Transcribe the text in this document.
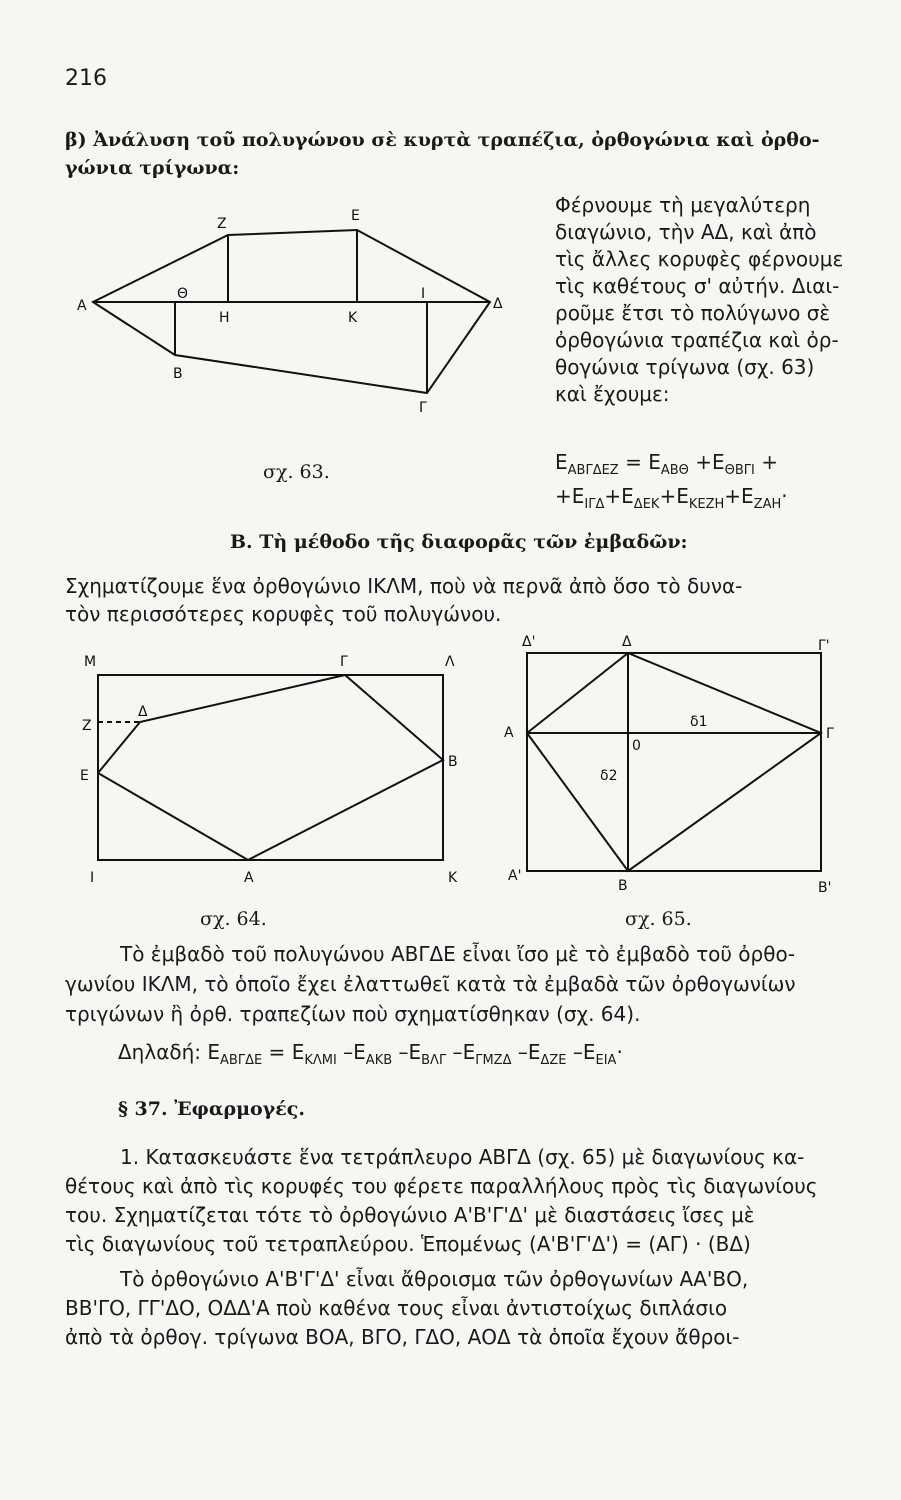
216
β) Ἀνάλυση τοῦ πολυγώνου σὲ κυρτὰ τραπέζια, ὀρθογώνια καὶ ὀρθο-
γώνια τρίγωνα:
Ζ	Ε
Α
Θ
Η	Κ
Ι
Δ
Β
Γ
σχ. 63.
Φέρνουμε τὴ μεγαλύτερη
διαγώνιο, τὴν ΑΔ, καὶ ἀπὸ
τὶς ἄλλες κορυφὲς φέρνουμε
τὶς καθέτους σ' αὐτήν. Διαι-
ροῦμε ἔτσι τὸ πολύγωνο σὲ
ὀρθογώνια τραπέζια καὶ ὀρ-
θογώνια τρίγωνα (σχ. 63)
καὶ ἔχουμε:
$E_{AB\Gamma\Delta EZ} = E_{AB\Theta} +E_{\Theta B\Gamma I}$ +
$+E_{I\Gamma\Delta}+E_{\Delta EK}+E_{KEZH}+E_{ZAH}\cdot$
Β. Τὴ μέθοδο τῆς διαφορᾶς τῶν ἐμβαδῶν:
Σχηματίζουμε ἕνα ὀρθογώνιο ΙΚΛΜ, ποὺ νὰ περνᾶ ἀπὸ ὅσο τὸ δυνα-
τὸν περισσότερες κορυφὲς τοῦ πολυγώνου.
Μ	Γ	Λ
Ζ
Δ
Ε
Β
Ι	Α	Κ
σχ. 64.
Δ'	Δ	Γ'
Α
δ1
0
Γ
δ2
Α'
Β	Β'
σχ. 65.
Τὸ ἐμβαδὸ τοῦ πολυγώνου ΑΒΓΔΕ εἶναι ἴσο μὲ τὸ ἐμβαδὸ τοῦ ὀρθο-
γωνίου ΙΚΛΜ, τὸ ὁποῖο ἔχει ἐλαττωθεῖ κατὰ τὰ ἐμβαδὰ τῶν ὀρθογωνίων
τριγώνων ἢ ὀρθ. τραπεζίων ποὺ σχηματίσθηκαν (σχ. 64).
Δηλαδή: $E_{AB\Gamma\Delta E} = E_{K\Lambda MI}$ $-E_{AKB}$ $-E_{B\Lambda\Gamma}$ $-E_{\Gamma MZ\Delta}$ $-E_{\Delta ZE}$ $-E_{EIA}\cdot$
§ 37. Ἐφαρμογές.
1. Κατασκευάστε ἕνα τετράπλευρο ΑΒΓΔ (σχ. 65) μὲ διαγωνίους κα-
θέτους καὶ ἀπὸ τὶς κορυφές του φέρετε παραλλήλους πρὸς τὶς διαγωνίους
του. Σχηματίζεται τότε τὸ ὀρθογώνιο Α'Β'Γ'Δ' μὲ διαστάσεις ἴσες μὲ
τὶς διαγωνίους τοῦ τετραπλεύρου. Ἑπομένως (Α'Β'Γ'Δ') = (ΑΓ) · (ΒΔ)
Τὸ ὀρθογώνιο Α'Β'Γ'Δ' εἶναι ἄθροισμα τῶν ὀρθογωνίων ΑΑ'ΒΟ,
ΒΒ'ΓΟ, ΓΓ'ΔΟ, ΟΔΔ'Α ποὺ καθένα τους εἶναι ἀντιστοίχως διπλάσιο
ἀπὸ τὰ ὀρθογ. τρίγωνα ΒΟΑ, ΒΓΟ, ΓΔΟ, ΑΟΔ τὰ ὁποῖα ἔχουν ἄθροι-
